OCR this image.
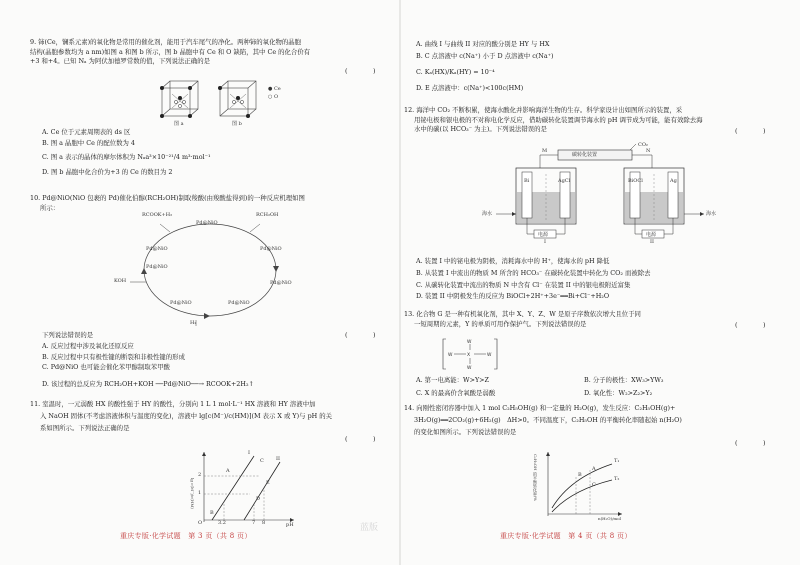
9. 铈(Ce，镧系元素)的氧化物是常用的催化剂，能用于汽车尾气的净化。两种铈的氧化物的晶胞

结构(晶胞参数均为 a nm)如图 a 和图 b 所示，图 b 晶胞中有 Ce 和 O 缺陷，其中 Ce 的化合价有

+3 和+4。已知 Nₐ 为阿伏加德罗常数的值，下列说法正确的是

(　　　　)
● Ce
○ O
图 a	图 b

A. Ce 位于元素周期表的 ds 区

B. 图 a 晶胞中 Ce 的配位数为 4

C. 图 a 表示的晶体的摩尔体积为 Nₐa³×10⁻²¹/4 m³·mol⁻¹

D. 图 b 晶胞中化合价为+3 的 Ce 的数目为 2

10. Pd@NiO(NiO 包裹的 Pd)催化伯醇(RCH₂OH)制取羧酸(由羧酸盐得到)的一种反应机理如图

所示：

RCOOK+H₂
Pd@NiO
RCH₂OH
Pd@NiO
Pd@NiO
Pd@NiO
Pd@NiO
KOH
Pd@NiO	Pd@NiO
H₂

下列说法错误的是

A. 反应过程中涉及氧化还原反应

B. 反应过程中只有极性键的断裂和非极性键的形成

C. Pd@NiO 也可能会催化苯甲醇制取苯甲酸

D. 该过程的总反应为 RCH₂OH+KOH ──Pd@NiO──→ RCOOK+2H₂↑

(　　　　)

11. 室温时，一元弱酸 HX 的酸性强于 HY 的酸性，分别向 1 L 1 mol·L⁻¹ HX 溶液和 HY 溶液中加

入 NaOH 固体(不考虑溶液体积与温度的变化)，溶液中 lg[c(M⁻)/c(HM)](M 表示 X 或 Y)与 pH 的关

系如图所示。下列说法正确的是

(　　　　)
lg c(M⁻)/c(HM)
pH
O
2
1
3.2	7 8
A
B
C
D
E
I
II
重庆专版·化学试题　第 3 页（共 8 页）

A. 曲线 I 与曲线 II 对应的酸分别是 HY 与 HX

B. C 点溶液中 c(Na⁺) 小于 D 点溶液中 c(Na⁺)

C. Kₐ(HX)/Kₐ(HY) = 10⁻⁴

D. E 点溶液中：c(Na⁺)<100c(HM)

12. 海洋中 CO₂ 不断积累，使海水酸化并影响海洋生物的生存。科学家设计出如图所示的装置，采

用铋电极和银电极的不对称电化学反应，借助碳转化装置调节海水的 pH 调节成为可能，能有效除去海

水中的碳(以 HCO₃⁻ 为主)。下列说法错误的是	(　　　　)
碳转化装置
M	N
CO₂
Bi	AgCl	BiOCl	Ag
海水	海水
电源	电源
I	II

A. 装置 I 中的铋电极为阴极，消耗海水中的 H⁺，使海水的 pH 降低

B. 从装置 I 中流出的物质 M 所含的 HCO₃⁻ 在碳转化装置中转化为 CO₂ 而被除去

C. 从碳转化装置中流出的物质 N 中含有 Cl⁻ 在装置 II 中的银电极附近富集

D. 装置 II 中阴极发生的反应为 BiOCl+2H⁺+3e⁻══Bi+Cl⁻+H₂O

13. 化合物 G 是一种有机氧化剂，其中 X、Y、Z、W 是原子序数依次增大且位于同

一短周期的元素，Y 的单质可用作保护气。下列说法错误的是	(　　　　)
W	X	W
W
W

A. 第一电离能：W>Y>Z	B. 分子的极性：XW₃>YW₃

C. X 的最高价含氧酸是弱酸	D. 氧化性：W₂>Z₂>Y₂

14. 向刚性密闭容器中加入 1 mol C₂H₅OH(g) 和一定量的 H₂O(g)，发生反应：C₂H₅OH(g)+

3H₂O(g)══2CO₂(g)+6H₂(g)　ΔH>0。不同温度下，C₂H₅OH 的平衡转化率随起始 n(H₂O)

的变化如图所示。下列说法错误的是

(　　　　)
C₂H₅OH 的平衡转化率/%
n(H₂O)/mol
A
B
C
T₁
T₂
重庆专版·化学试题　第 4 页（共 8 页）
蓝版
